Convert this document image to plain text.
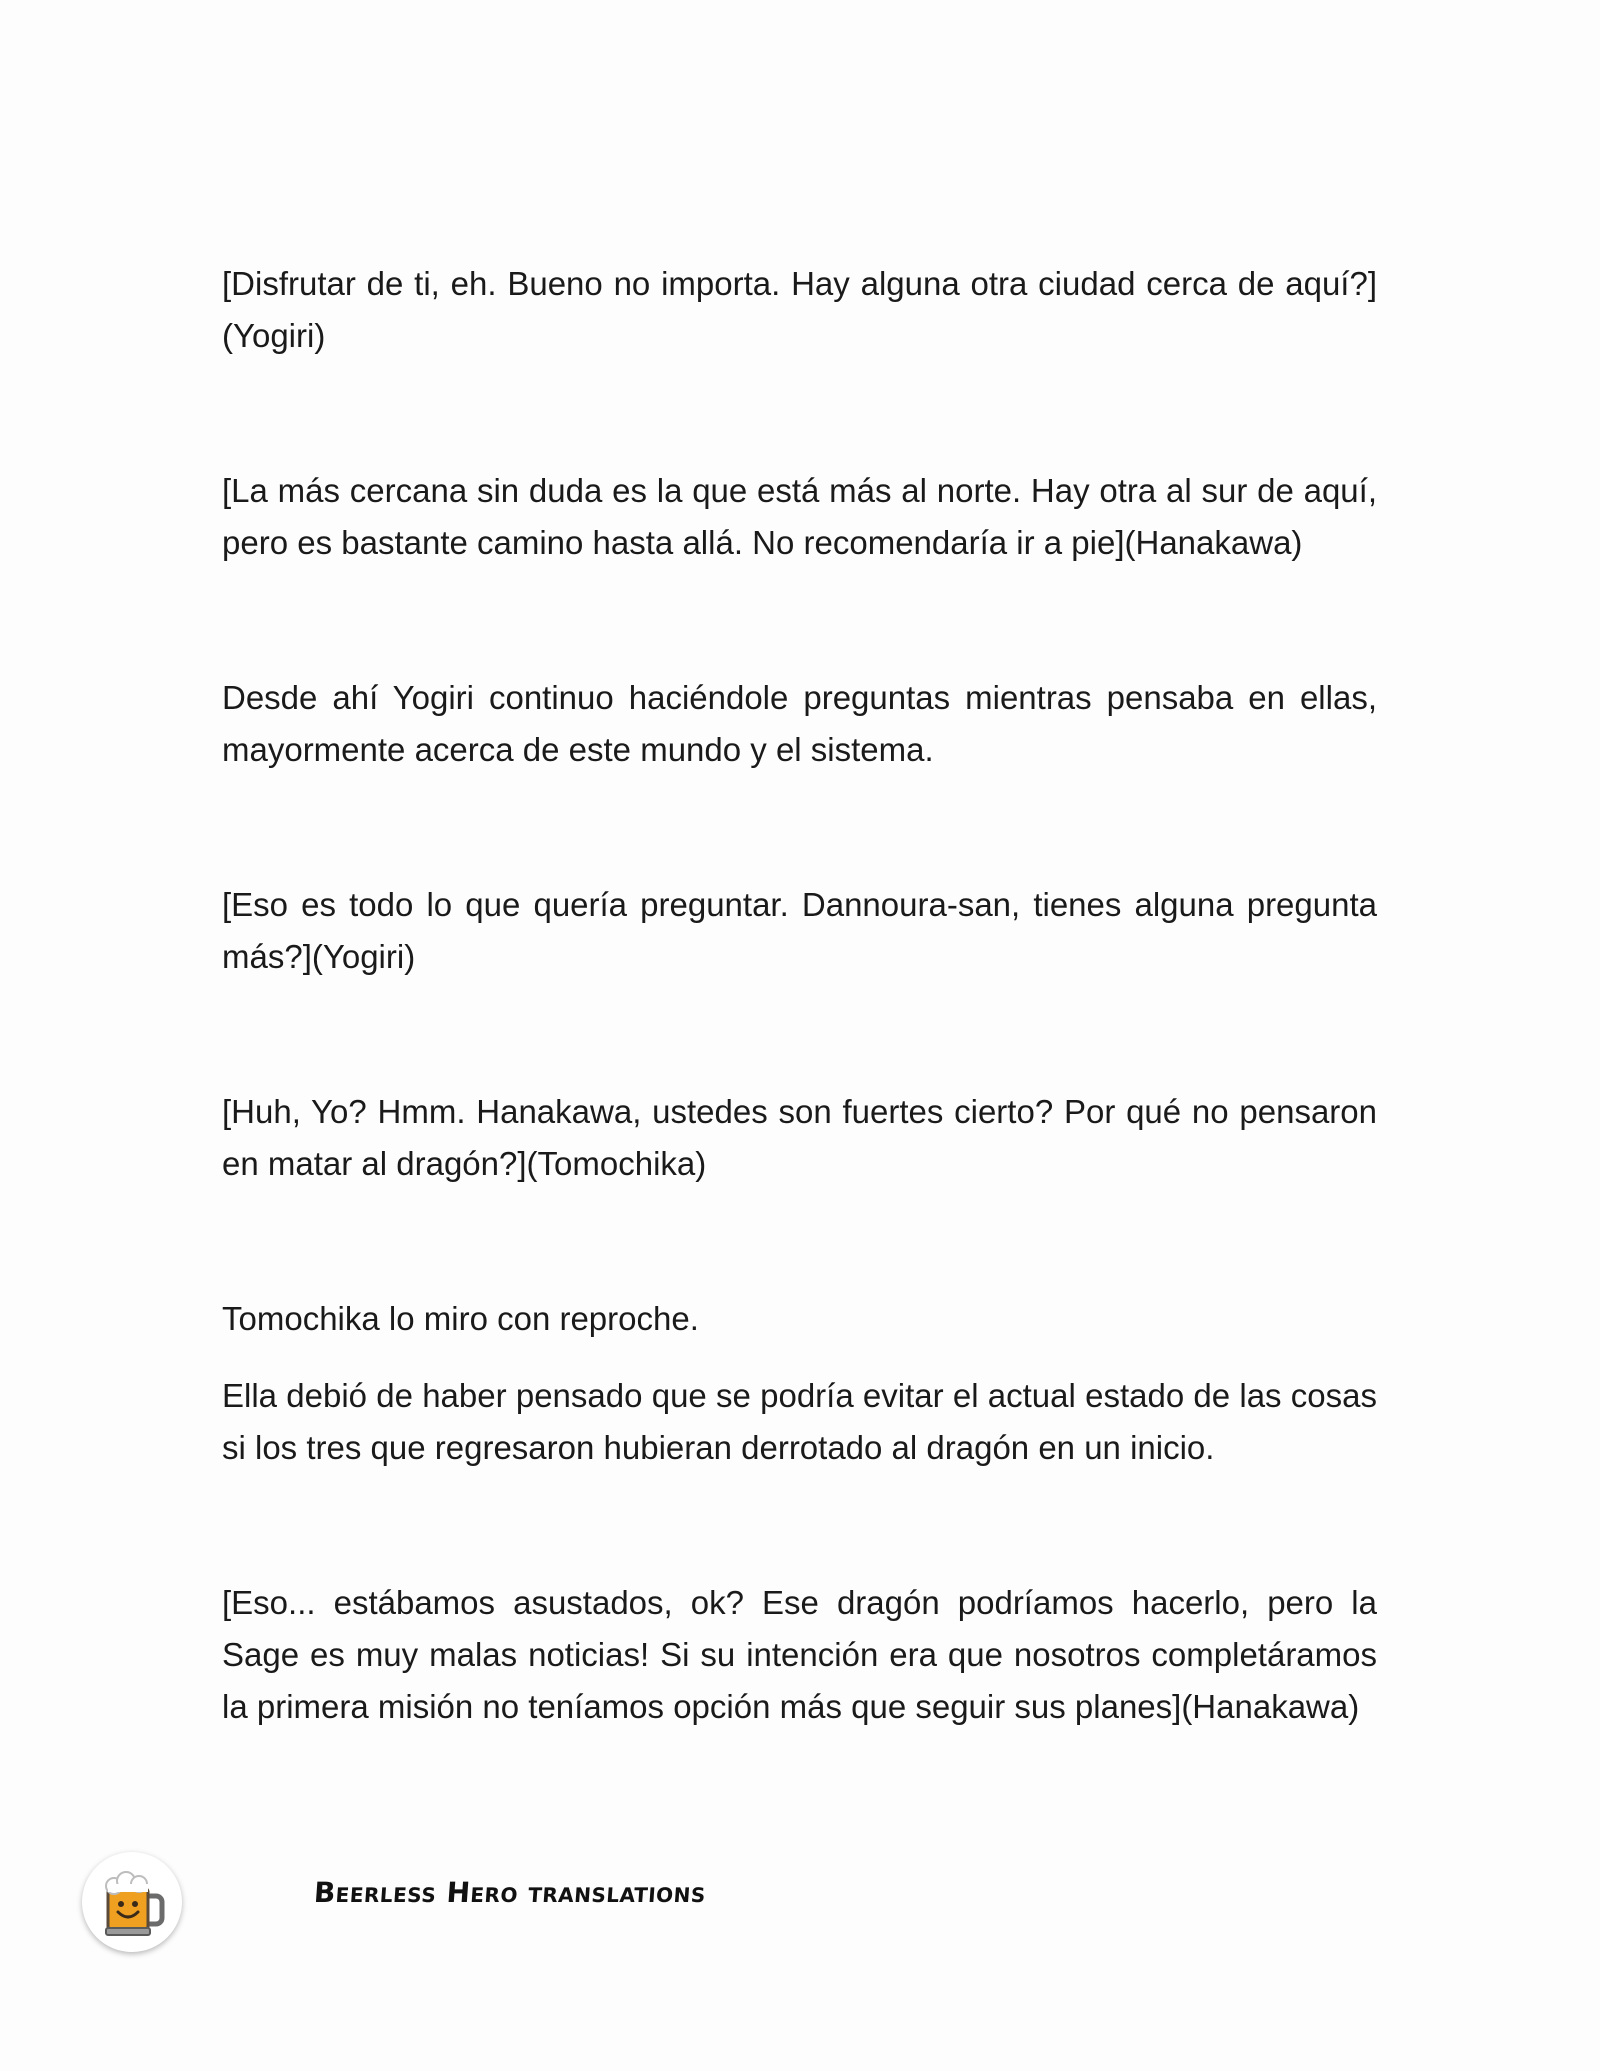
[Disfrutar de ti, eh. Bueno no importa. Hay alguna otra ciudad cerca de aquí?](Yogiri)

[La más cercana sin duda es la que está más al norte. Hay otra al sur de aquí, pero es bastante camino hasta allá. No recomendaría ir a pie](Hanakawa)

Desde ahí Yogiri continuo haciéndole preguntas mientras pensaba en ellas, mayormente acerca de este mundo y el sistema.

[Eso es todo lo que quería preguntar. Dannoura-san, tienes alguna pregunta más?](Yogiri)

[Huh, Yo? Hmm. Hanakawa, ustedes son fuertes cierto? Por qué no pensaron en matar al dragón?](Tomochika)

Tomochika lo miro con reproche.

Ella debió de haber pensado que se podría evitar el actual estado de las cosas si los tres que regresaron hubieran derrotado al dragón en un inicio.

[Eso... estábamos asustados, ok? Ese dragón podríamos hacerlo, pero la Sage es muy malas noticias! Si su intención era que nosotros completáramos la primera misión no teníamos opción más que seguir sus planes](Hanakawa)

Beerless Hero translations
